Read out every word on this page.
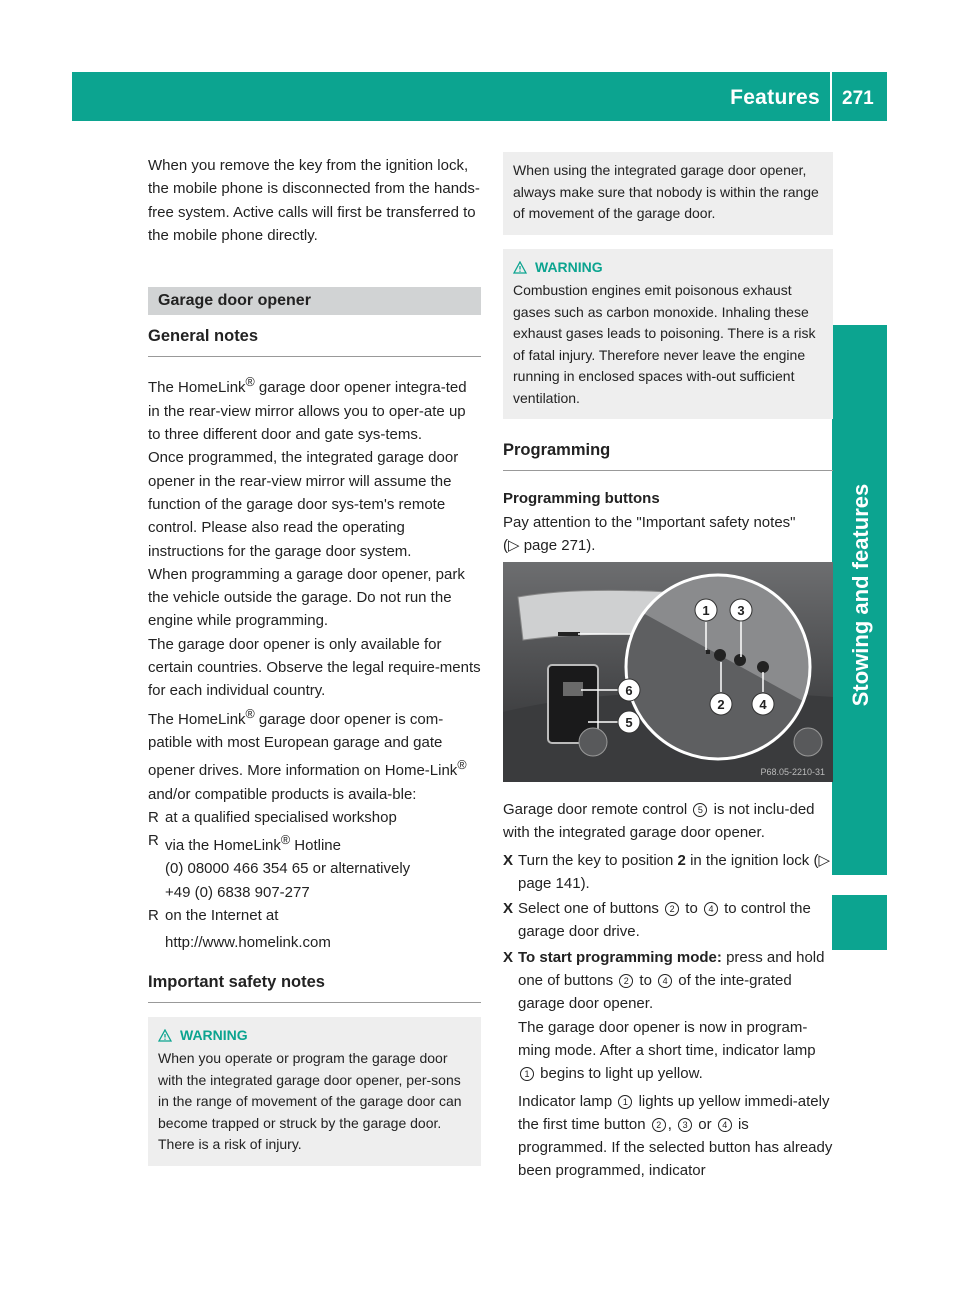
Features 271
Stowing and features

When you remove the key from the ignition lock, the mobile phone is disconnected from the hands-free system. Active calls will first be transferred to the mobile phone directly.

Garage door opener
General notes

The HomeLink® garage door opener integra-ted in the rear-view mirror allows you to oper-ate up to three different door and gate sys-tems.

Once programmed, the integrated garage door opener in the rear-view mirror will assume the function of the garage door sys-tem's remote control. Please also read the operating instructions for the garage door system.

When programming a garage door opener, park the vehicle outside the garage. Do not run the engine while programming.

The garage door opener is only available for certain countries. Observe the legal require-ments for each individual country.

The HomeLink® garage door opener is com-patible with most European garage and gate opener drives. More information on Home-Link® and/or compatible products is availa-ble:

R at a qualified specialised workshop
R via the HomeLink® Hotline
(0) 08000 466 354 65 or alternatively
+49 (0) 6838 907-277
R on the Internet at
http://www.homelink.com
Important safety notes
WARNING
When you operate or program the garage door with the integrated garage door opener, per-sons in the range of movement of the garage door can become trapped or struck by the garage door. There is a risk of injury.
When using the integrated garage door opener, always make sure that nobody is within the range of movement of the garage door.
WARNING
Combustion engines emit poisonous exhaust gases such as carbon monoxide. Inhaling these exhaust gases leads to poisoning. There is a risk of fatal injury. Therefore never leave the engine running in enclosed spaces with-out sufficient ventilation.
Programming
Programming buttons

Pay attention to the "Important safety notes"
(▷ page 271).

1 3
2	4
6
5
P68.05-2210-31

Garage door remote control 5 is not inclu-ded with the integrated garage door opener.

X Turn the key to position 2 in the ignition lock (▷ page 141).
X Select one of buttons 2 to 4 to control the garage door drive.
X To start programming mode: press and hold one of buttons 2 to 4 of the inte-grated garage door opener.
The garage door opener is now in program-ming mode. After a short time, indicator lamp 1 begins to light up yellow.
Indicator lamp 1 lights up yellow immedi-ately the first time button 2 , 3 or 4 is programmed. If the selected button has already been programmed, indicator
